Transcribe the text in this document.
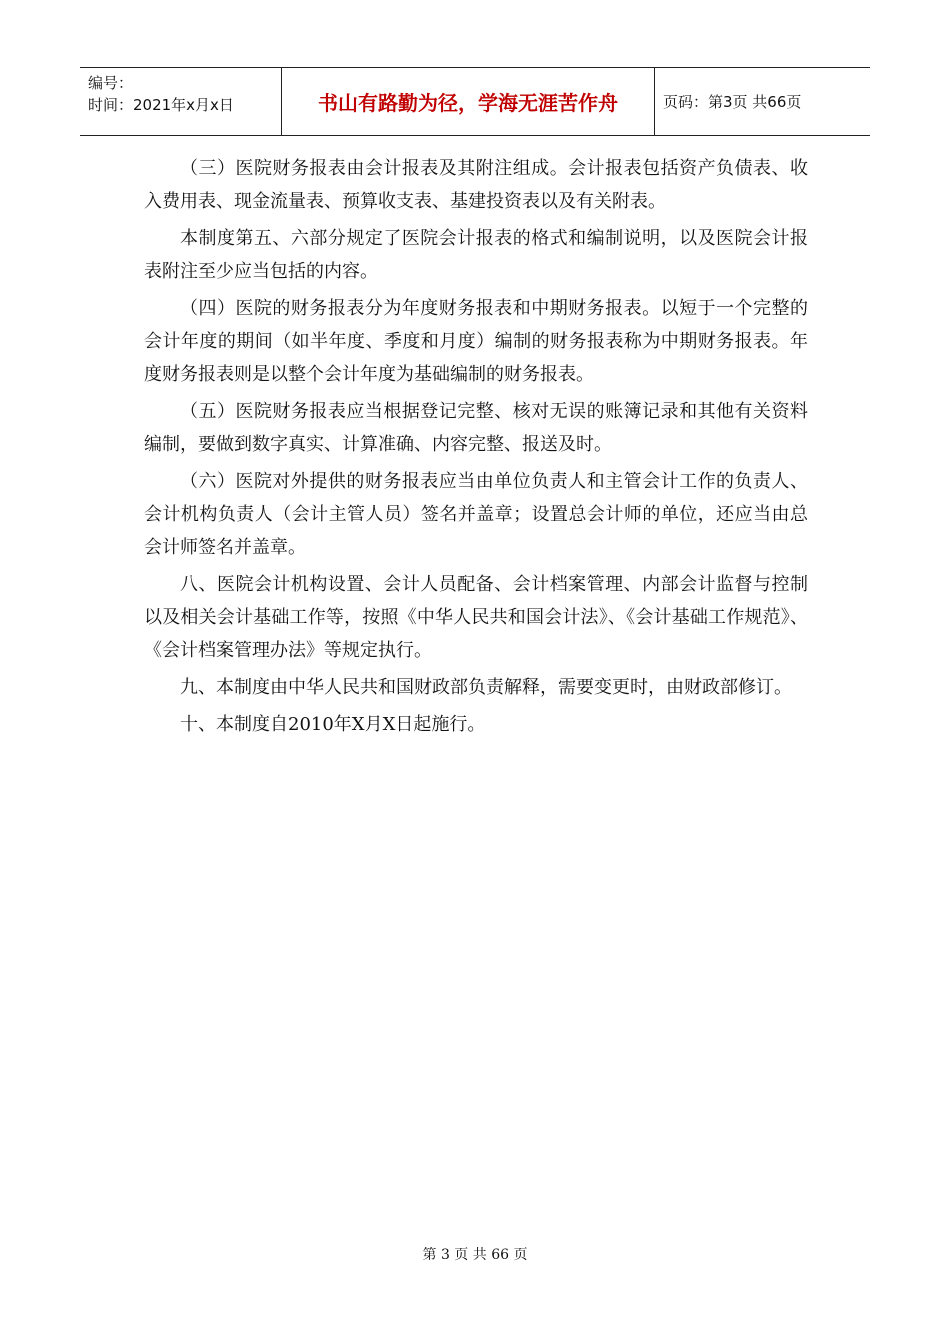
编号：
时间：2021年x月x日	书山有路勤为径，学海无涯苦作舟	页码：第3页 共66页

（三）医院财务报表由会计报表及其附注组成。会计报表包括资产负债表、收入费用表、现金流量表、预算收支表、基建投资表以及有关附表。

本制度第五、六部分规定了医院会计报表的格式和编制说明，以及医院会计报表附注至少应当包括的内容。

（四）医院的财务报表分为年度财务报表和中期财务报表。以短于一个完整的会计年度的期间（如半年度、季度和月度）编制的财务报表称为中期财务报表。年度财务报表则是以整个会计年度为基础编制的财务报表。

（五）医院财务报表应当根据登记完整、核对无误的账簿记录和其他有关资料编制，要做到数字真实、计算准确、内容完整、报送及时。

（六）医院对外提供的财务报表应当由单位负责人和主管会计工作的负责人、会计机构负责人（会计主管人员）签名并盖章；设置总会计师的单位，还应当由总会计师签名并盖章。

八、医院会计机构设置、会计人员配备、会计档案管理、内部会计监督与控制以及相关会计基础工作等，按照《中华人民共和国会计法》、《会计基础工作规范》、《会计档案管理办法》等规定执行。

九、本制度由中华人民共和国财政部负责解释，需要变更时，由财政部修订。

十、本制度自2010年X月X日起施行。

第 3 页 共 66 页
